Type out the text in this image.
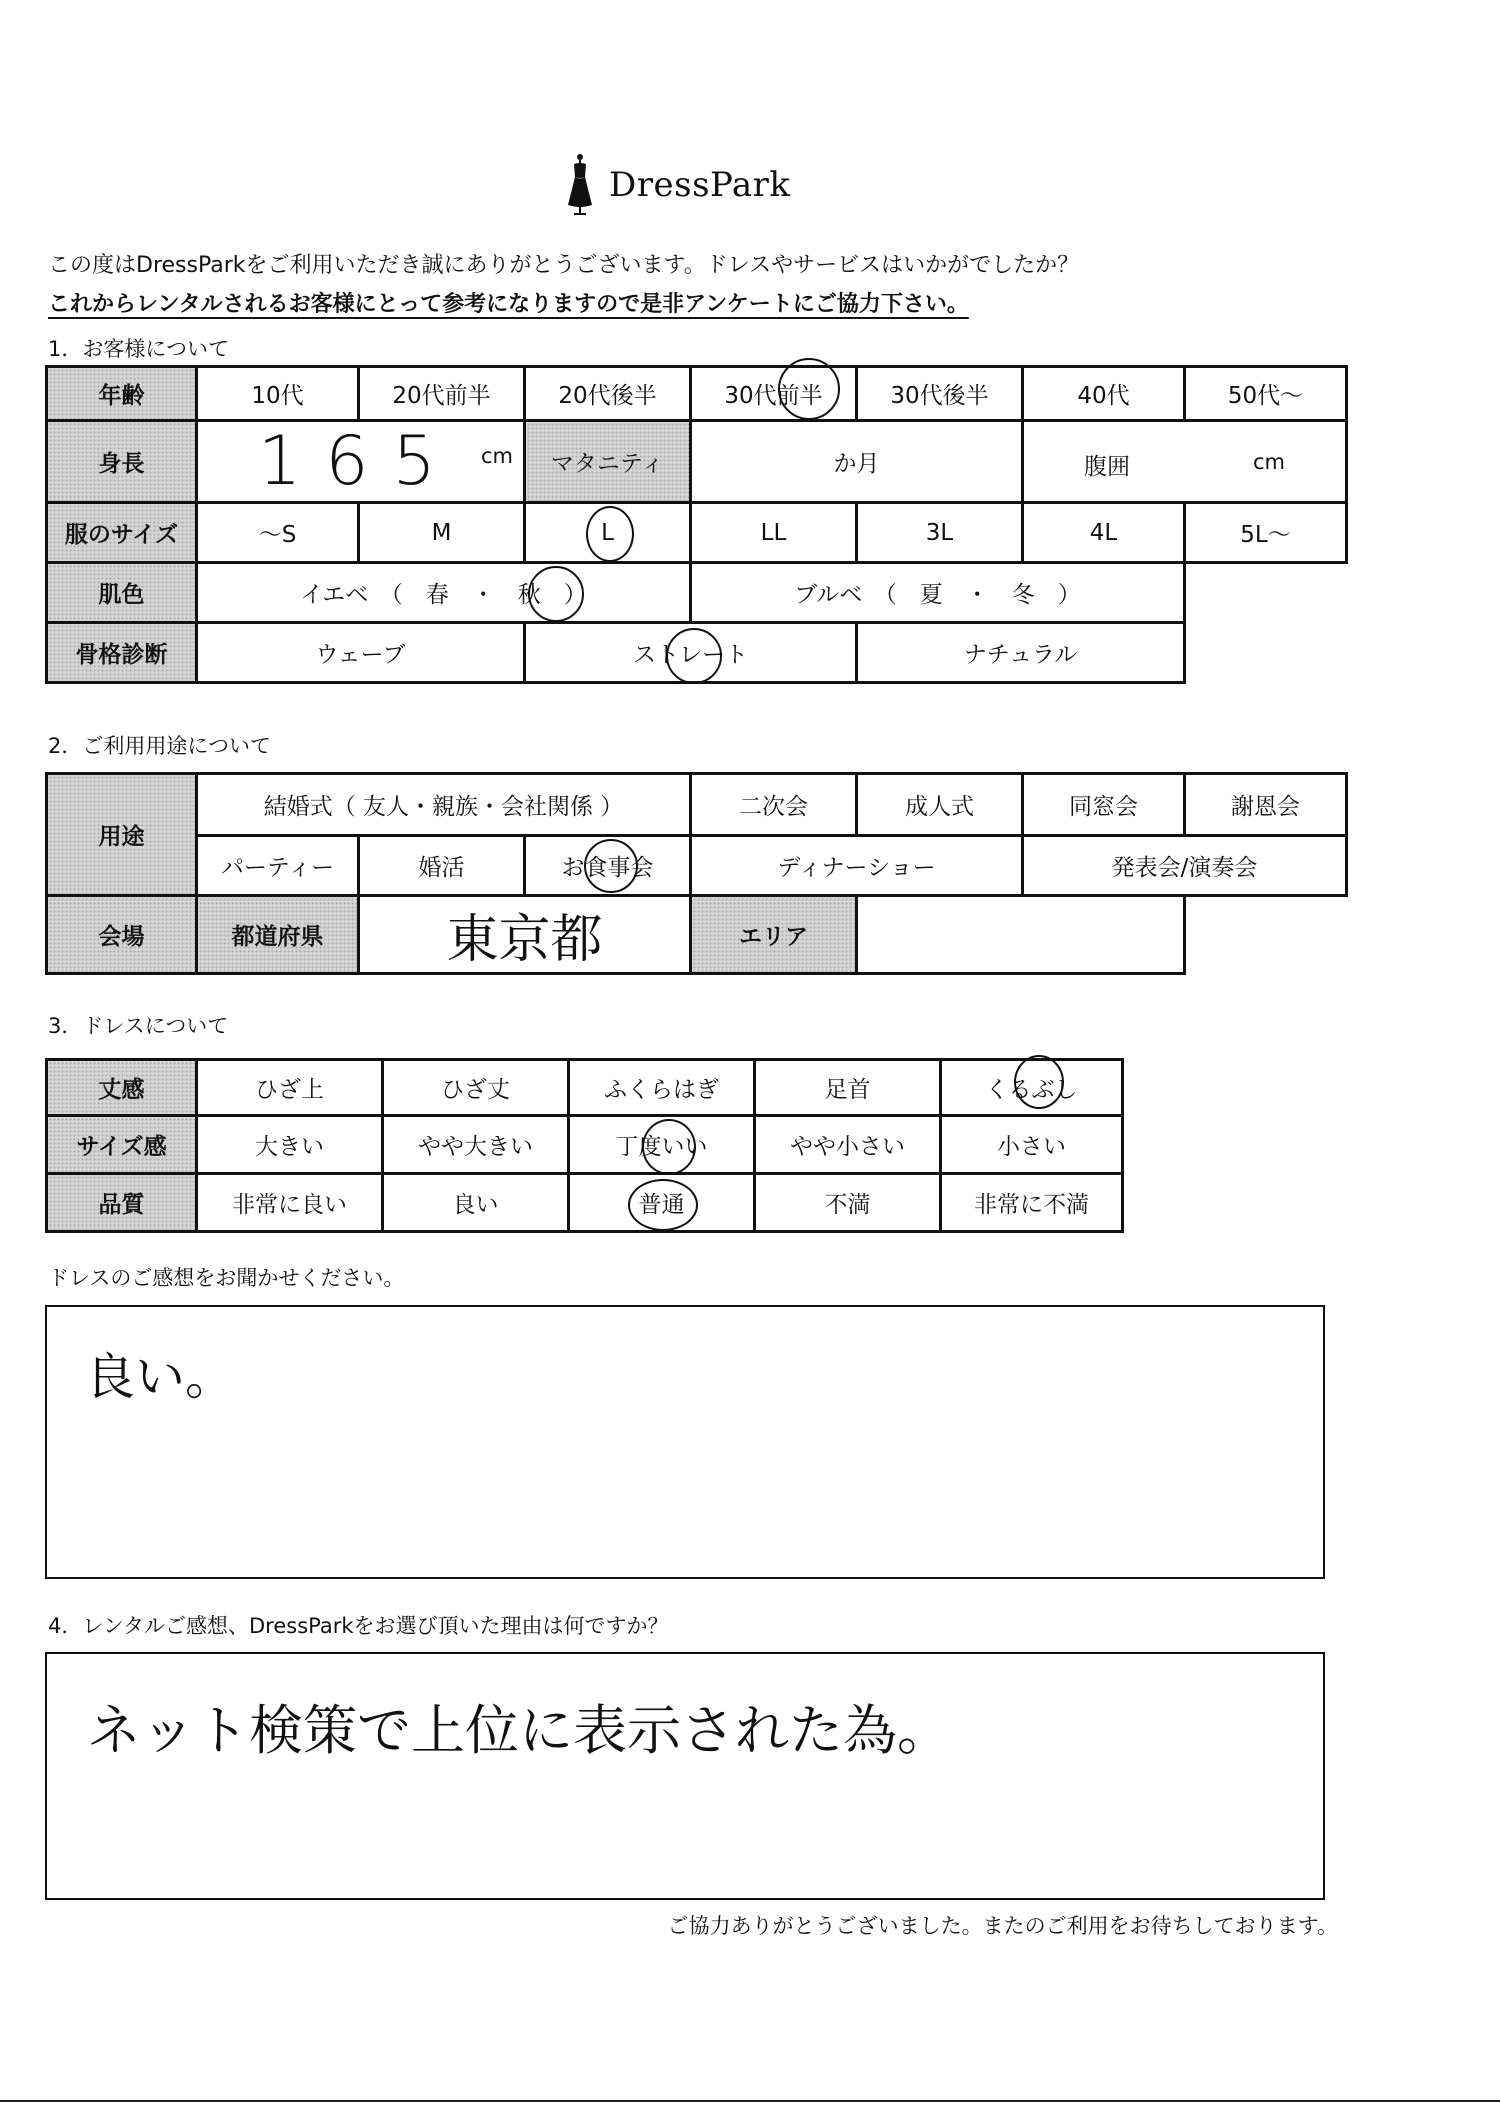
DressPark
この度はDressParkをご利用いただき誠にありがとうございます。ドレスやサービスはいかがでしたか？
これからレンタルされるお客様にとって参考になりますので是非アンケートにご協力下さい。
1．お客様について
年齢	10代	20代前半	20代後半	30代前半	30代後半	40代	50代～
身長	165 cm		マタニティ	か月		腹囲 cm	

服のサイズ	～S	M	L	LL	3L	4L	5L～
肌色	イエベ　（　春　・　秋　）			ブルベ　（　夏　・　冬　）			
骨格診断	ウェーブ		ストレート		ナチュラル		
2．ご利用用途について
用途	結婚式（ 友人・親族・会社関係 ）			二次会	成人式	同窓会	謝恩会
	パーティー	婚活	お食事会	ディナーショー		発表会/演奏会	
会場	都道府県	東京都		エリア			
3．ドレスについて
丈感	ひざ上	ひざ丈	ふくらはぎ	足首	くるぶし

サイズ感	大きい	やや大きい	丁度いい	やや小さい	小さい
品質	非常に良い	良い	普通	不満	非常に不満
ドレスのご感想をお聞かせください。
良い。
4．レンタルご感想、DressParkをお選び頂いた理由は何ですか？
ネット検策で上位に表示された為。
ご協力ありがとうございました。またのご利用をお待ちしております。
